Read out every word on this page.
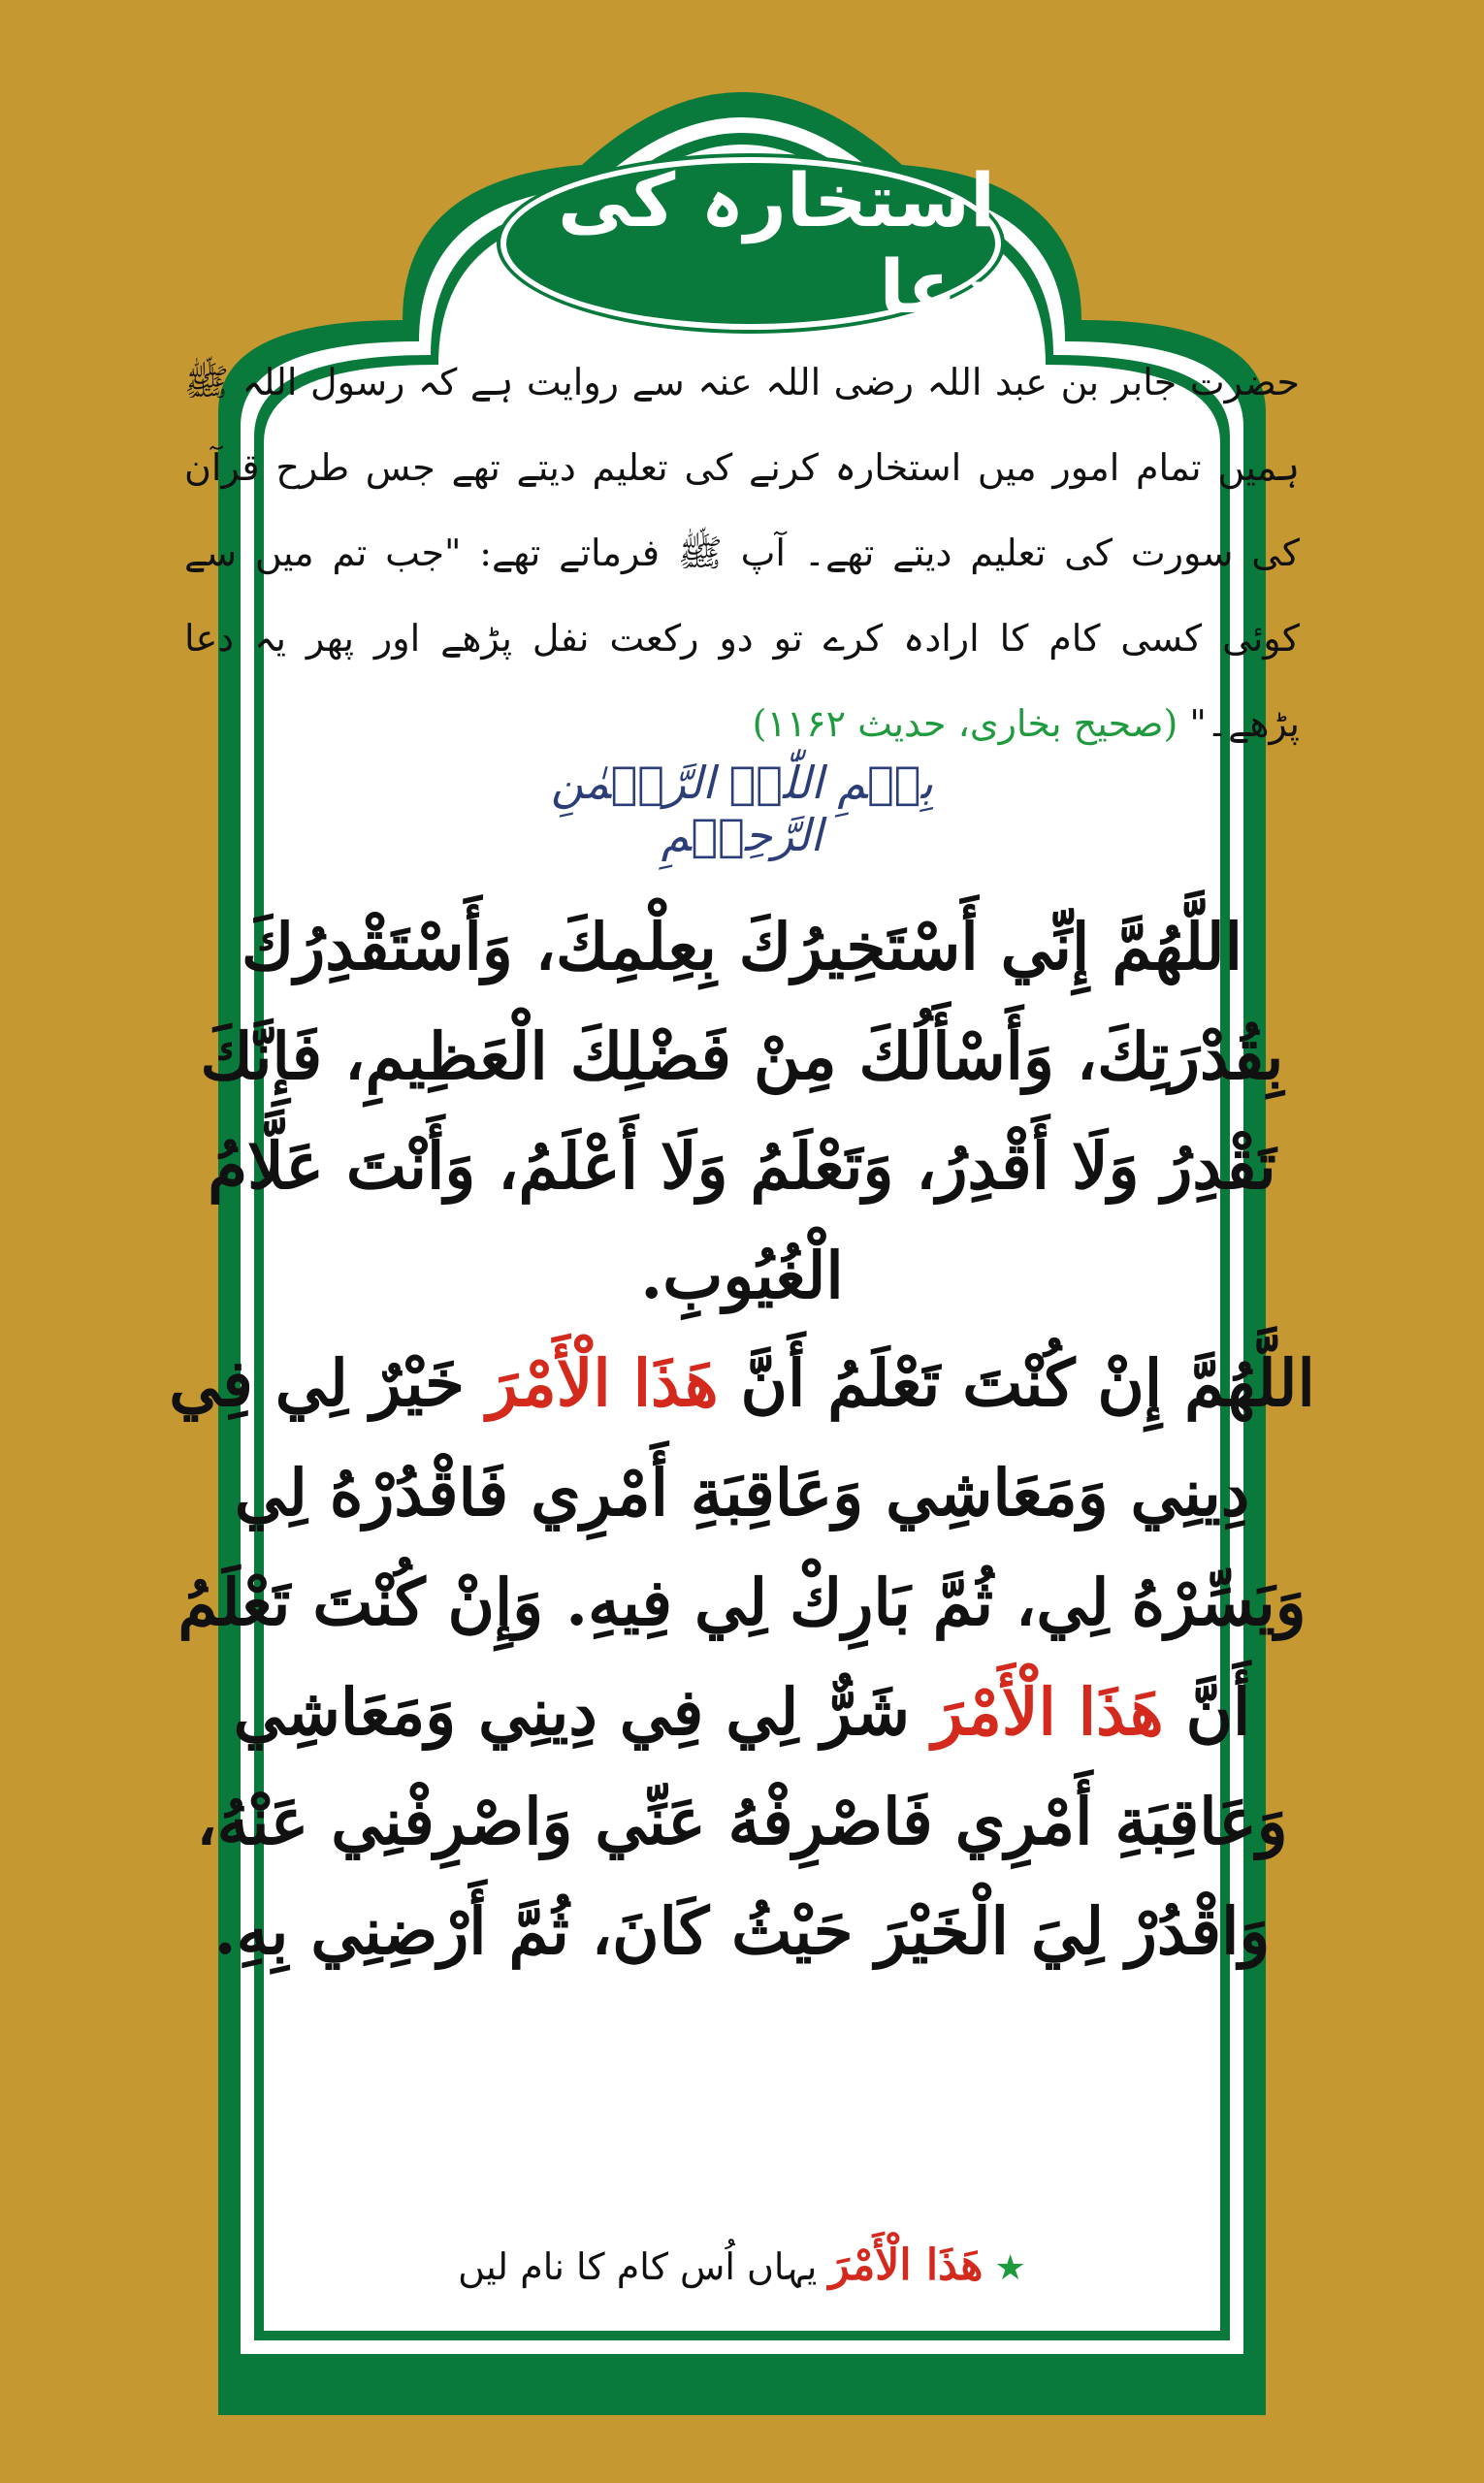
استخارہ کی دعا
حضرت جابر بن عبد اللہ رضی اللہ عنہ سے روایت ہے کہ رسول اللہ ﷺ ہمیں تمام امور میں استخارہ کرنے کی تعلیم دیتے تھے جس طرح قرآن کی سورت کی تعلیم دیتے تھے۔ آپ ﷺ فرماتے تھے: "جب تم میں سے کوئی کسی کام کا ارادہ کرے تو دو رکعت نفل پڑھے اور پھر یہ دعا پڑھے۔" (صحیح بخاری، حدیث ۱۱۶۲)
بِسۡمِ اللّٰہِ الرَّحۡمٰنِ الرَّحِیۡمِ
اللَّهُمَّ إِنِّي أَسْتَخِيرُكَ بِعِلْمِكَ، وَأَسْتَقْدِرُكَ بِقُدْرَتِكَ، وَأَسْأَلُكَ مِنْ فَضْلِكَ الْعَظِيمِ، فَإِنَّكَ تَقْدِرُ وَلَا أَقْدِرُ، وَتَعْلَمُ وَلَا أَعْلَمُ، وَأَنْتَ عَلَّامُ الْغُيُوبِ.
اللَّهُمَّ إِنْ كُنْتَ تَعْلَمُ أَنَّ هَذَا الْأَمْرَ خَيْرٌ لِي فِي دِينِي وَمَعَاشِي وَعَاقِبَةِ أَمْرِي فَاقْدُرْهُ لِي وَيَسِّرْهُ لِي، ثُمَّ بَارِكْ لِي فِيهِ. وَإِنْ كُنْتَ تَعْلَمُ أَنَّ هَذَا الْأَمْرَ شَرٌّ لِي فِي دِينِي وَمَعَاشِي وَعَاقِبَةِ أَمْرِي فَاصْرِفْهُ عَنِّي وَاصْرِفْنِي عَنْهُ، وَاقْدُرْ لِيَ الْخَيْرَ حَيْثُ كَانَ، ثُمَّ أَرْضِنِي بِهِ.
★ هَذَا الْأَمْرَ یہاں اُس کام کا نام لیں
